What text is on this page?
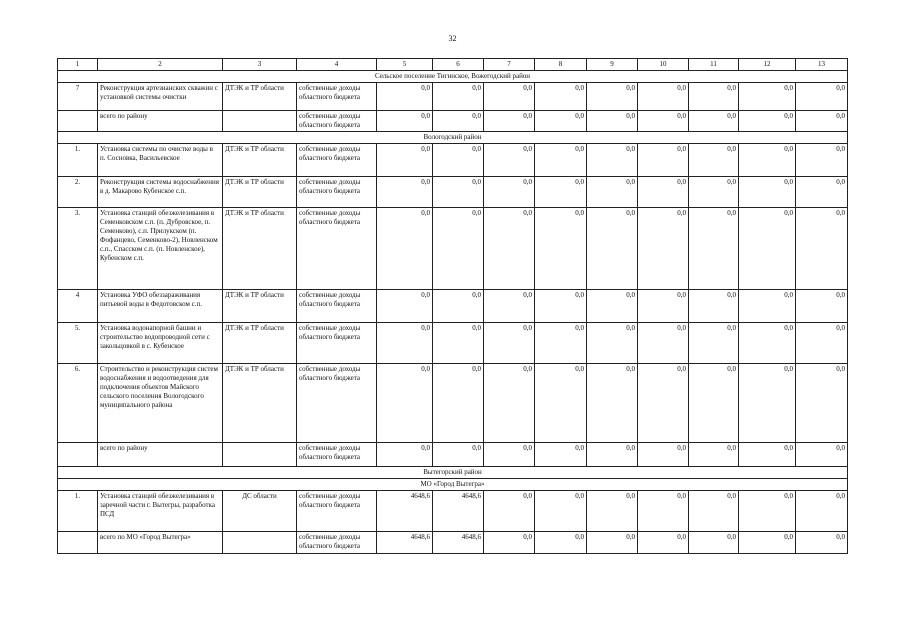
32
1	2	3	4	5	6	7	8	9	10	11	12	13
Сельское поселение Тигинское, Вожегодский район												
7	Реконструкция артезианских скважин с установкой системы очистки	ДТЭК и ТР области	собственные доходы областного бюджета	0,0	0,0	0,0	0,0	0,0	0,0	0,0	0,0	0,0
	всего по району		собственные доходы областного бюджета	0,0	0,0	0,0	0,0	0,0	0,0	0,0	0,0	0,0
Вологодский район												
1.	Установка системы по очистке воды в п. Сосновка, Васильевское	ДТЭК и ТР области	собственные доходы областного бюджета	0,0	0,0	0,0	0,0	0,0	0,0	0,0	0,0	0,0
2.	Реконструкция системы водоснабжения в д. Макарово Кубенское с.п.	ДТЭК и ТР области	собственные доходы областного бюджета	0,0	0,0	0,0	0,0	0,0	0,0	0,0	0,0	0,0
3.	Установка станций обезжелезивания в Семенковском с.п. (п. Дубровское, п. Семенково), с.п. Прилукском (п. Фофанцево, Семенково-2), Новленском с.п., Спасском с.п. (п. Новленское), Кубенском с.п.	ДТЭК и ТР области	собственные доходы областного бюджета	0,0	0,0	0,0	0,0	0,0	0,0	0,0	0,0	0,0
4	Установка УФО обеззараживания питьевой воды в Федотовском с.п.	ДТЭК и ТР области	собственные доходы областного бюджета	0,0	0,0	0,0	0,0	0,0	0,0	0,0	0,0	0,0
5.	Установка водонапорной башни и строительство водопроводной сети с закольцовкой в с. Кубенское	ДТЭК и ТР области	собственные доходы областного бюджета	0,0	0,0	0,0	0,0	0,0	0,0	0,0	0,0	0,0
6.	Строительство и реконструкция систем водоснабжения и водоотведения для подключения объектов Майского сельского поселения Вологодского муниципального района	ДТЭК и ТР области	собственные доходы областного бюджета	0,0	0,0	0,0	0,0	0,0	0,0	0,0	0,0	0,0
	всего по району		собственные доходы областного бюджета	0,0	0,0	0,0	0,0	0,0	0,0	0,0	0,0	0,0
Вытегорский район												
МО «Город Вытегра»												
1.	Установка станций обезжелезивания в заречной части г. Вытегры, разработка ПСД	ДС области	собственные доходы областного бюджета	4648,6	4648,6	0,0	0,0	0,0	0,0	0,0	0,0	0,0
	всего по МО «Город Вытегра»		собственные доходы областного бюджета	4648,6	4648,6	0,0	0,0	0,0	0,0	0,0	0,0	0,0
